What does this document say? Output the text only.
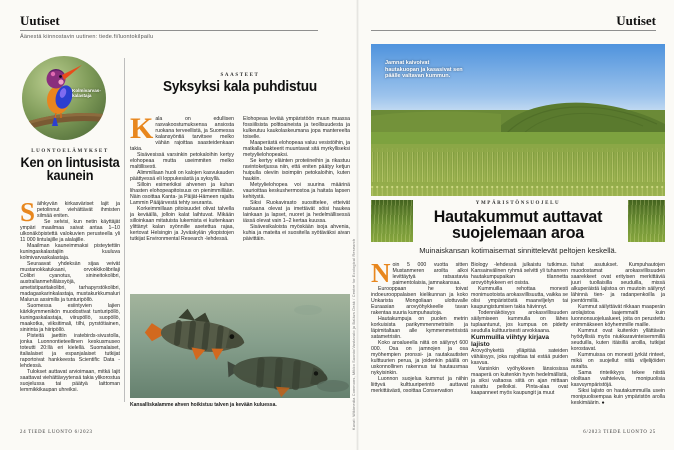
Uutiset
Äänestä kiinnostavin uutinen: tiede.fi/luontokilpailu
Kolmivarvas-
kalastaja
LUONTOELÄMYKSET
Ken on lintusista kaunein

Säihkyvän kirkasväriset lajit ja petolinnut viehättävät ihmisten silmää eniten.

Se selvisi, kun netin käyttäjät ympäri maailmaa saivat antaa 1–10 ulkonäköpistettä valokuvien perusteella yli 11 000 lintulajille ja alalajille.

Maailman kauneimmaksi pisteytettiin kuningaskalastajiin kuuluva kolmivarvaskalastaja.

Seuraavat yhdeksän sijaa veivät mustanokkatukaani, orvokkikolibrilaji Colibri cyanotus, sinineitokolibri, australianmehiläissyöjä, ametistiparitakolibri, tarhapyrstökolibri, madagaskarinkalastaja, mustakurkkumaluri Malurus assimilis ja tunturipöllö.

Suomessa esiintyvien lajien kärkikymmenikön muodostivat tunturipöllö, kuningaskalastaja, viirupöllö, suopöllö, maakotka, viiksitimali, tilhi, pyrstötiainen, sinirinta ja hiiripöllö.

Pisteitä jaettiin iratebirds-sivustolla, jonka Luonnontieteellinen keskusmuseo toteutti 20:llä eri kielellä. Suomalaiset, italialaiset ja espanjalaiset tutkijat raportoivat hankkeesta Scientific Data -lehdessä.

Tulokset auttavat arvioimaan, mitkä lajit saattavat viehättävyytensä takia ylikorostua suojelussa tai päätyä laittoman lemmikkikaupan uhreiksi.

SAASTEET
Syksyksi kala puhdistuu

Kala on edullisen rasvakoostumuksensa ansiosta ruokana terveellistä, ja Suomessa kalansyöntiä tarvitsee melko vähän rajoittaa saasteidenkaan takia.

Sisävesissä varsinkin petokaloihin kertyy elohopeaa mutta useimmiten melko maltillisesti.

Alimmillaan huoli on kalojen kasvukauden päättyessä eli loppukesästä ja syksyllä.

Silloin esimerkiksi ahvenen ja kuhan lihasten elohopeapitoisuus on pienimmillään. Näin osoittaa Kanta- ja Päijät-Hämeen rajalta Lammin Pääjärvestä tehty seuranta.

Korkeimmillaan pitoisuudet olivat talvella ja keväällä, jolloin kalat laihtuvat. Mikään silloinkaan mitatuista lukemista ei kuitenkaan ylittänyt kalan syönnille asetettua rajaa, kertovat Helsingin ja Jyväskylän yliopistojen tutkijat Environmental Research -lehdessä.

Elohopeaa leviää ympäristöön muun muassa fossiilisista polttoaineista ja teollisuudesta ja kulkeutuu kaukolaskeumana jopa mantereelta toiselle.

Maaperästä elohopeaa valuu vesistöihin, ja matkalla bakteerit muuntavat sitä myrkylliseksi metyylielohopeaksi.

Se kertyy eläinten proteiineihin ja rikastuu ravintoketjussa niin, että eniten päätyy ketjun huipulla oleviin isoimpiin petokaloihin, kuten haukiin.

Metyylielohopea voi suurina määrinä vaurioittaa keskushermostoa ja haitata lapsen kehitystä.

Siksi Ruokavirasto suosittelee, etteivät raskaana olevat ja imettävät söisi haukea lainkaan ja lapset, nuoret ja hedelmällisessä iässä olevat vain 1–2 kertaa kuussa.

Sisävesikaloista myöskään isoja ahvenia, kuhia ja mateita ei suositella syötäväksi aivan päivittäin.

Kansalliskalamme ahven hoikistuu talven ja kevään kuluessa.	Kuvat: Wikimedia Commons, Mikko Suonio/Vastavalo ja Balázs Deák / Centre for Ecological Research
24 TIEDE LUONTO 6/2023
Uutiset
Jamnat kaivoivat hautakuopan ja kasasivat sen päälle valtavan kummun.
YMPÄRISTÖNSUOJELU
Hautakummut auttavat suojelemaan aroa
Muinaiskansan kotimaisemat sinnittelevät peltojen keskellä.

Noin 5 000 vuotta sitten Mustanmeren aroilta alkoi levittäytyä ratsastavia paimentolaisia, jamnakansaa.

Eurooppaan he toivat indoeurooppalaisen kielikunnan ja koko Unkarista Mongoliaan ulottuvalle Euraasian arovyöhykkeelle tavan rakentaa suuria kumpuhautoja.

Hautakumpuja on puolen metrin korkuisista parikymmenmetrisiin ja läpimitaltaan alle kymmenmetrisistä satametrisiin.

Koko aroalueella niitä on säilynyt 600 000. Osa on jamnojen ja osa myöhempien pronssi- ja rautakautisten kulttuurien perua, ja joidenkin päällä on uskonnollinen rakennus tai hautausmaa nykyisinkin.

Luonnon suojelua kummut ja niihin liittyvä kulttuuriperintö auttavat merkittävästi, osoittaa Conservation

Biology -lehdessä julkaistu tutkimus. Kansainvälinen ryhmä selvitti yli tuhannen hautakumpupaikan tilannetta arovyöhykkeen eri osista.

Kummuilla rehottaa monesti monimuotoista arokasvillisuutta, vaikka se olisi ympäristöstä maanviljelyn tai kaupungistumisen takia hävinnyt.

Todennäköisyys arokasvillisuuden säilymiseen kummulla on lähes tuplaantunut, jos kumpua on pidetty seudulla kulttuurisesti arvokkaana.

Kummuilla viihtyy kirjava lajisto

Arovyöhykettä ylläpitää sateiden vähäisyys, joka rajoittaa tai estää puiden kasvua.

Varsinkin vyöhykkeen länsiosissa maaperä on kuitenkin hyvin hedelmällistä, ja siksi valtaosa siitä on ajan mittaan raivattu pelloiksi. Pinta-alaa ovat kaapanneet myös kaupungit ja muut

tiuhat asutukset. Kumpuhautojen muodostamat arokasvillisuuden saarekkeet ovat erityisen merkittäviä juuri tuollaisilla seuduilla, missä alkuperäistä lajistoa on muutoin säilynyt lähinnä tien- ja radanpenkoilla ja joentörmillä.

Kummut säilyttävät rikkaan maaperän arolajistoa laajemmalti kuin luonnonsuojelualueet, joita on perustettu enimmäkseen köyhemmille maille.

Kummut ovat kuitenkin yllättävän hyödyllisiä myös niukkaravinteisemmillä seuduilla, kuten itäisillä aroilla, tutkijat korostavat.

Kummuissa on monesti jyrkät rinteet, mikä on suojellut niitä viljelijöiden auralta.

Sama rinteikkyys tekee niistä oloiltaan vaihtelevia, monipuolisia kasvuympäristöjä.

Siksi lajisto on hautakummuilla usein monipuolisempaa kuin ympäristön arolla keskimäärin. ●

6/2023 TIEDE LUONTO 25
